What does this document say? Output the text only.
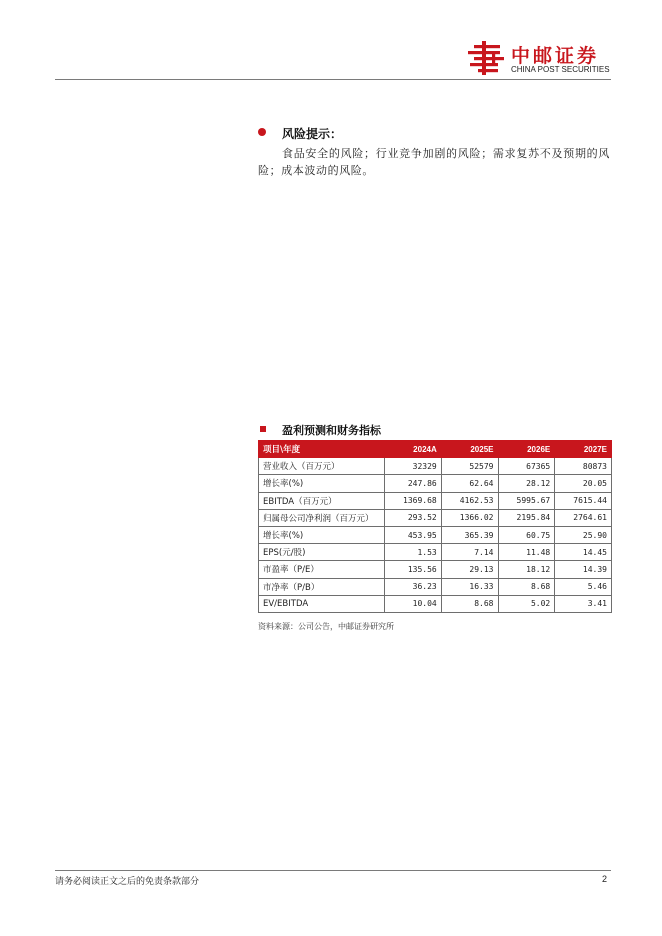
中邮证券
CHINA POST SECURITIES
风险提示：
食品安全的风险；行业竞争加剧的风险；需求复苏不及预期的风险；成本波动的风险。
盈利预测和财务指标
项目\年度	2024A	2025E	2026E	2027E
营业收入（百万元）	32329	52579	67365	80873
增长率(%)	247.86	62.64	28.12	20.05
EBITDA（百万元）	1369.68	4162.53	5995.67	7615.44
归属母公司净利润（百万元）	293.52	1366.02	2195.84	2764.61
增长率(%)	453.95	365.39	60.75	25.90
EPS(元/股)	1.53	7.14	11.48	14.45
市盈率（P/E）	135.56	29.13	18.12	14.39
市净率（P/B）	36.23	16.33	8.68	5.46
EV/EBITDA	10.04	8.68	5.02	3.41
资料来源：公司公告，中邮证券研究所
请务必阅读正文之后的免责条款部分	2
